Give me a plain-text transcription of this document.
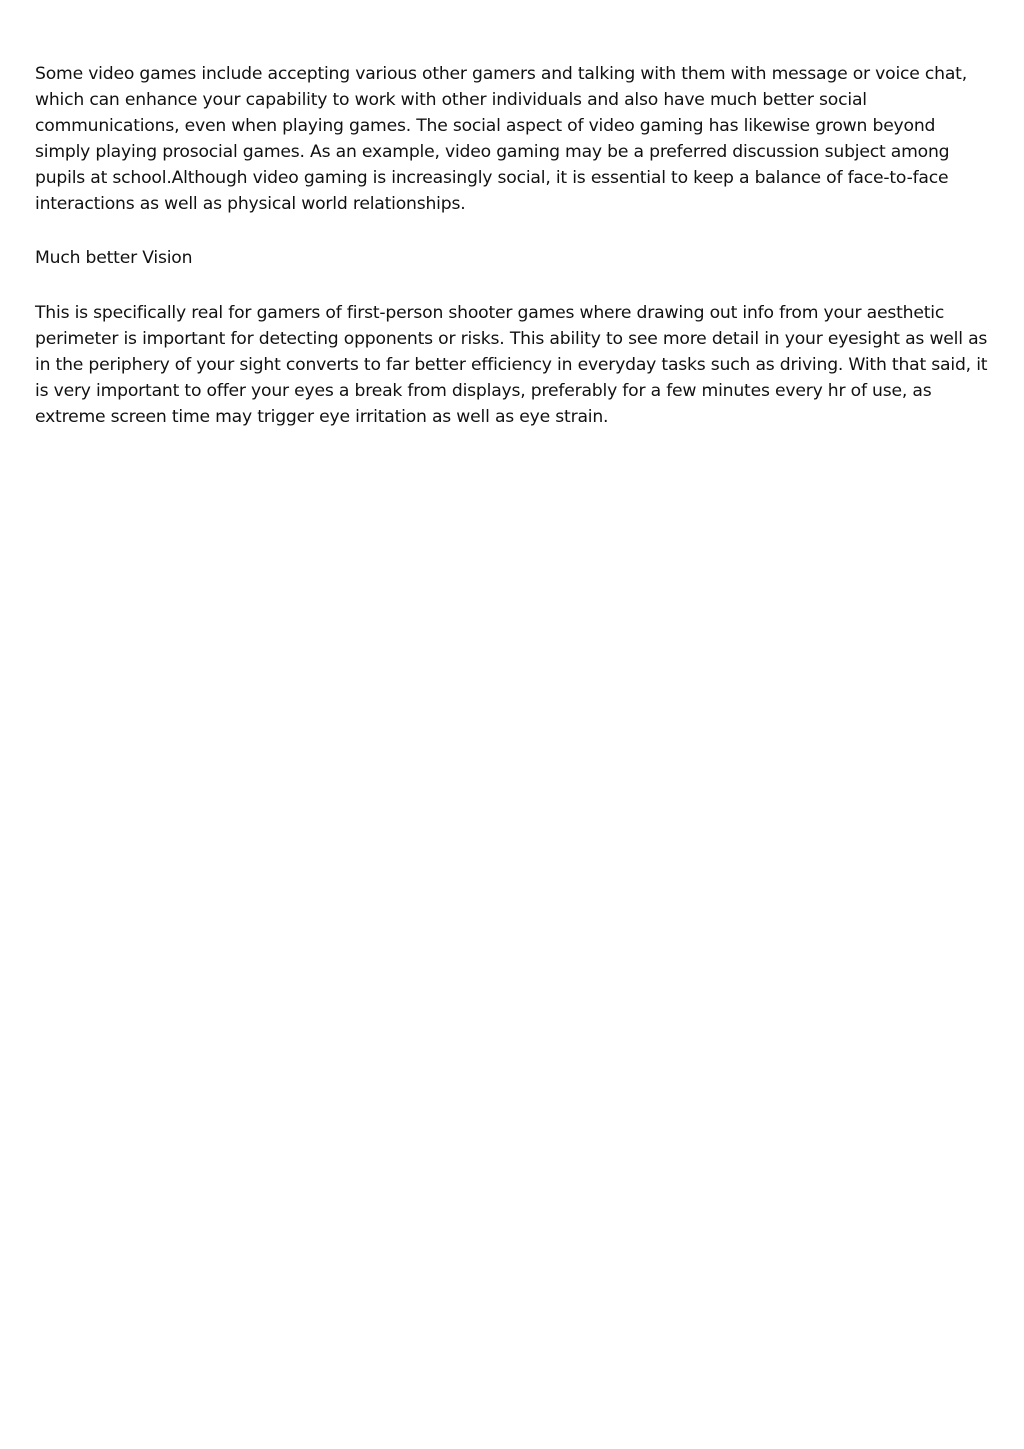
Some video games include accepting various other gamers and talking with them with message or voice chat, which can enhance your capability to work with other individuals and also have much better social communications, even when playing games. The social aspect of video gaming has likewise grown beyond simply playing prosocial games. As an example, video gaming may be a preferred discussion subject among pupils at school.Although video gaming is increasingly social, it is essential to keep a balance of face-to-face interactions as well as physical world relationships.

Much better Vision

This is specifically real for gamers of first-person shooter games where drawing out info from your aesthetic perimeter is important for detecting opponents or risks. This ability to see more detail in your eyesight as well as in the periphery of your sight converts to far better efficiency in everyday tasks such as driving. With that said, it is very important to offer your eyes a break from displays, preferably for a few minutes every hr of use, as extreme screen time may trigger eye irritation as well as eye strain.
